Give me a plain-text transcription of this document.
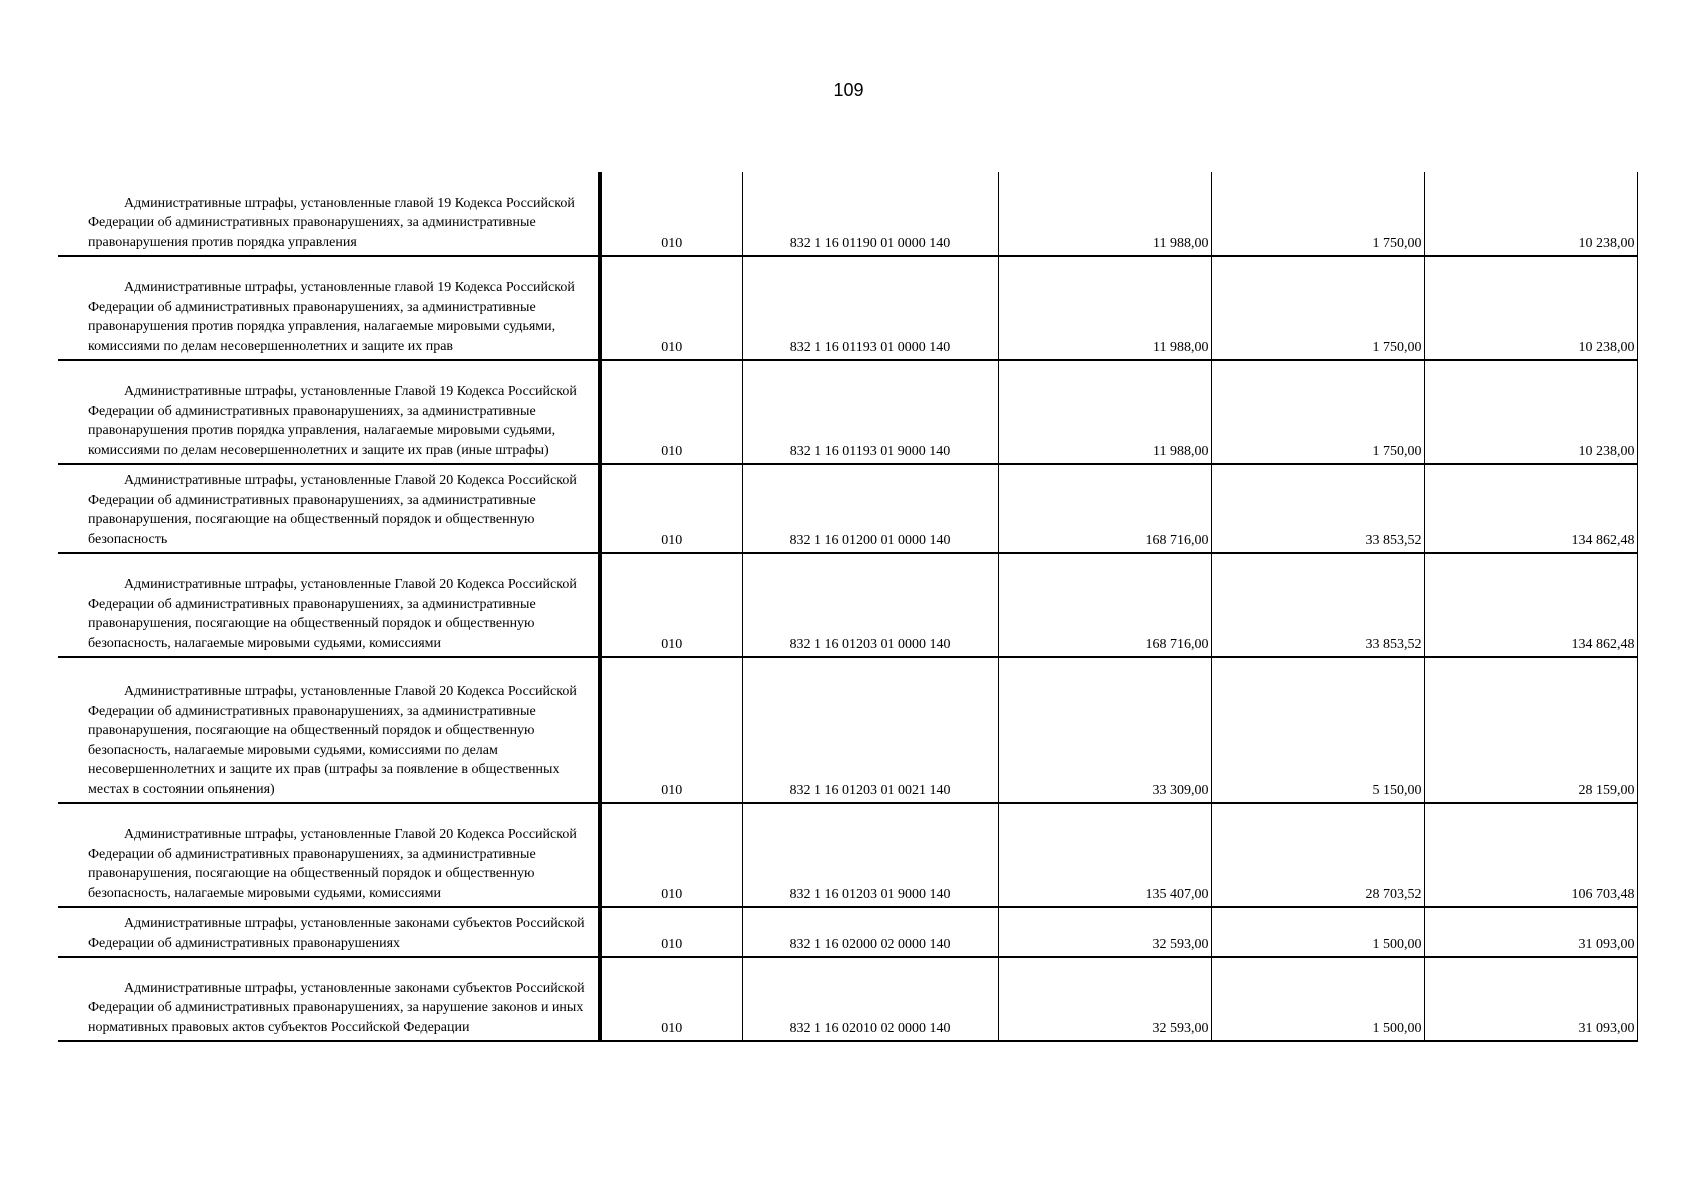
109
Административные штрафы, установленные главой 19 Кодекса Российской Федерации об административных правонарушениях, за административные правонарушения против порядка управления	010	832 1 16 01190 01 0000 140	11 988,00	1 750,00	10 238,00
Административные штрафы, установленные главой 19 Кодекса Российской Федерации об административных правонарушениях, за административные правонарушения против порядка управления, налагаемые мировыми судьями, комиссиями по делам несовершеннолетних и защите их прав	010	832 1 16 01193 01 0000 140	11 988,00	1 750,00	10 238,00
Административные штрафы, установленные Главой 19 Кодекса Российской Федерации об административных правонарушениях, за административные правонарушения против порядка управления, налагаемые мировыми судьями, комиссиями по делам несовершеннолетних и защите их прав (иные штрафы)	010	832 1 16 01193 01 9000 140	11 988,00	1 750,00	10 238,00
Административные штрафы, установленные Главой 20 Кодекса Российской Федерации об административных правонарушениях, за административные правонарушения, посягающие на общественный порядок и общественную безопасность	010	832 1 16 01200 01 0000 140	168 716,00	33 853,52	134 862,48
Административные штрафы, установленные Главой 20 Кодекса Российской Федерации об административных правонарушениях, за административные правонарушения, посягающие на общественный порядок и общественную безопасность, налагаемые мировыми судьями, комиссиями	010	832 1 16 01203 01 0000 140	168 716,00	33 853,52	134 862,48
Административные штрафы, установленные Главой 20 Кодекса Российской Федерации об административных правонарушениях, за административные правонарушения, посягающие на общественный порядок и общественную безопасность, налагаемые мировыми судьями, комиссиями по делам несовершеннолетних и защите их прав (штрафы за появление в общественных местах в состоянии опьянения)	010	832 1 16 01203 01 0021 140	33 309,00	5 150,00	28 159,00
Административные штрафы, установленные Главой 20 Кодекса Российской Федерации об административных правонарушениях, за административные правонарушения, посягающие на общественный порядок и общественную безопасность, налагаемые мировыми судьями, комиссиями	010	832 1 16 01203 01 9000 140	135 407,00	28 703,52	106 703,48
Административные штрафы, установленные законами субъектов Российской Федерации об административных правонарушениях	010	832 1 16 02000 02 0000 140	32 593,00	1 500,00	31 093,00
Административные штрафы, установленные законами субъектов Российской Федерации об административных правонарушениях, за нарушение законов и иных нормативных правовых актов субъектов Российской Федерации	010	832 1 16 02010 02 0000 140	32 593,00	1 500,00	31 093,00
